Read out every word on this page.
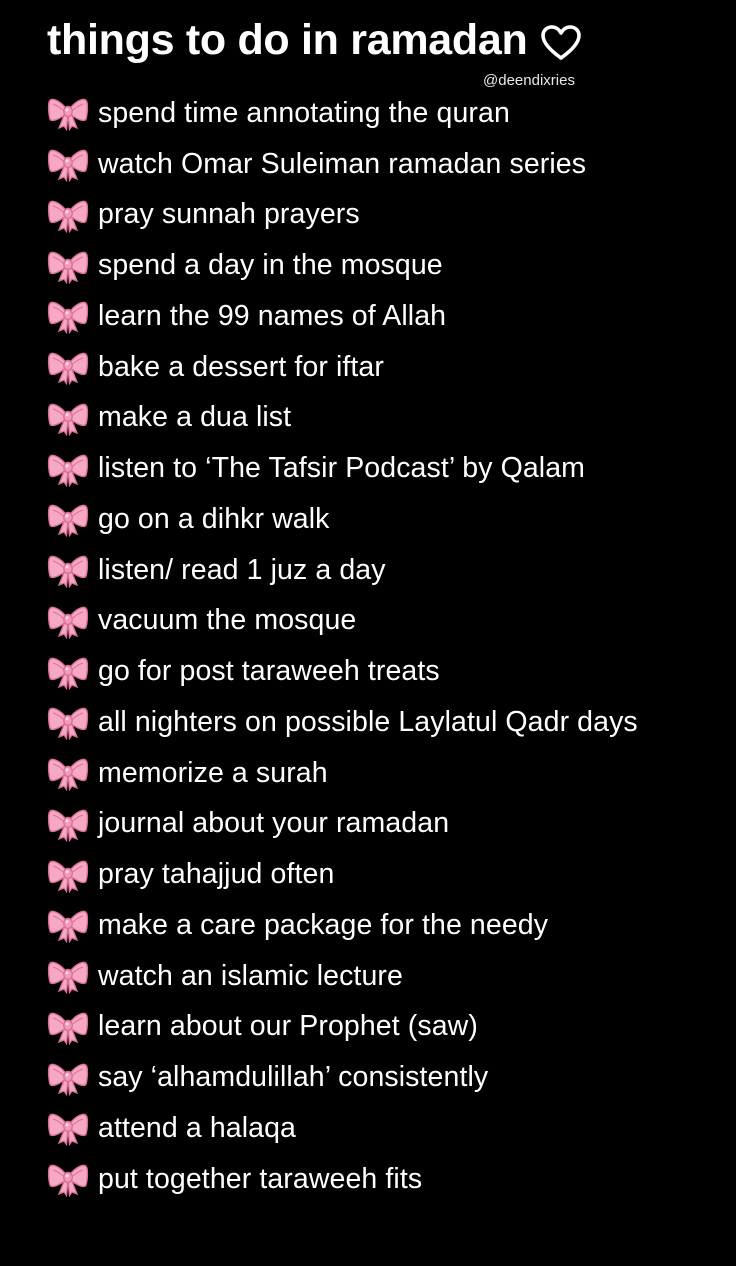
things to do in ramadan
@deendixries
spend time annotating the quran
watch Omar Suleiman ramadan series
pray sunnah prayers
spend a day in the mosque
learn the 99 names of Allah
bake a dessert for iftar
make a dua list
listen to ‘The Tafsir Podcast’ by Qalam
go on a dihkr walk
listen/ read 1 juz a day
vacuum the mosque
go for post taraweeh treats
all nighters on possible Laylatul Qadr days
memorize a surah
journal about your ramadan
pray tahajjud often
make a care package for the needy
watch an islamic lecture
learn about our Prophet (saw)
say ‘alhamdulillah’ consistently
attend a halaqa
put together taraweeh fits
